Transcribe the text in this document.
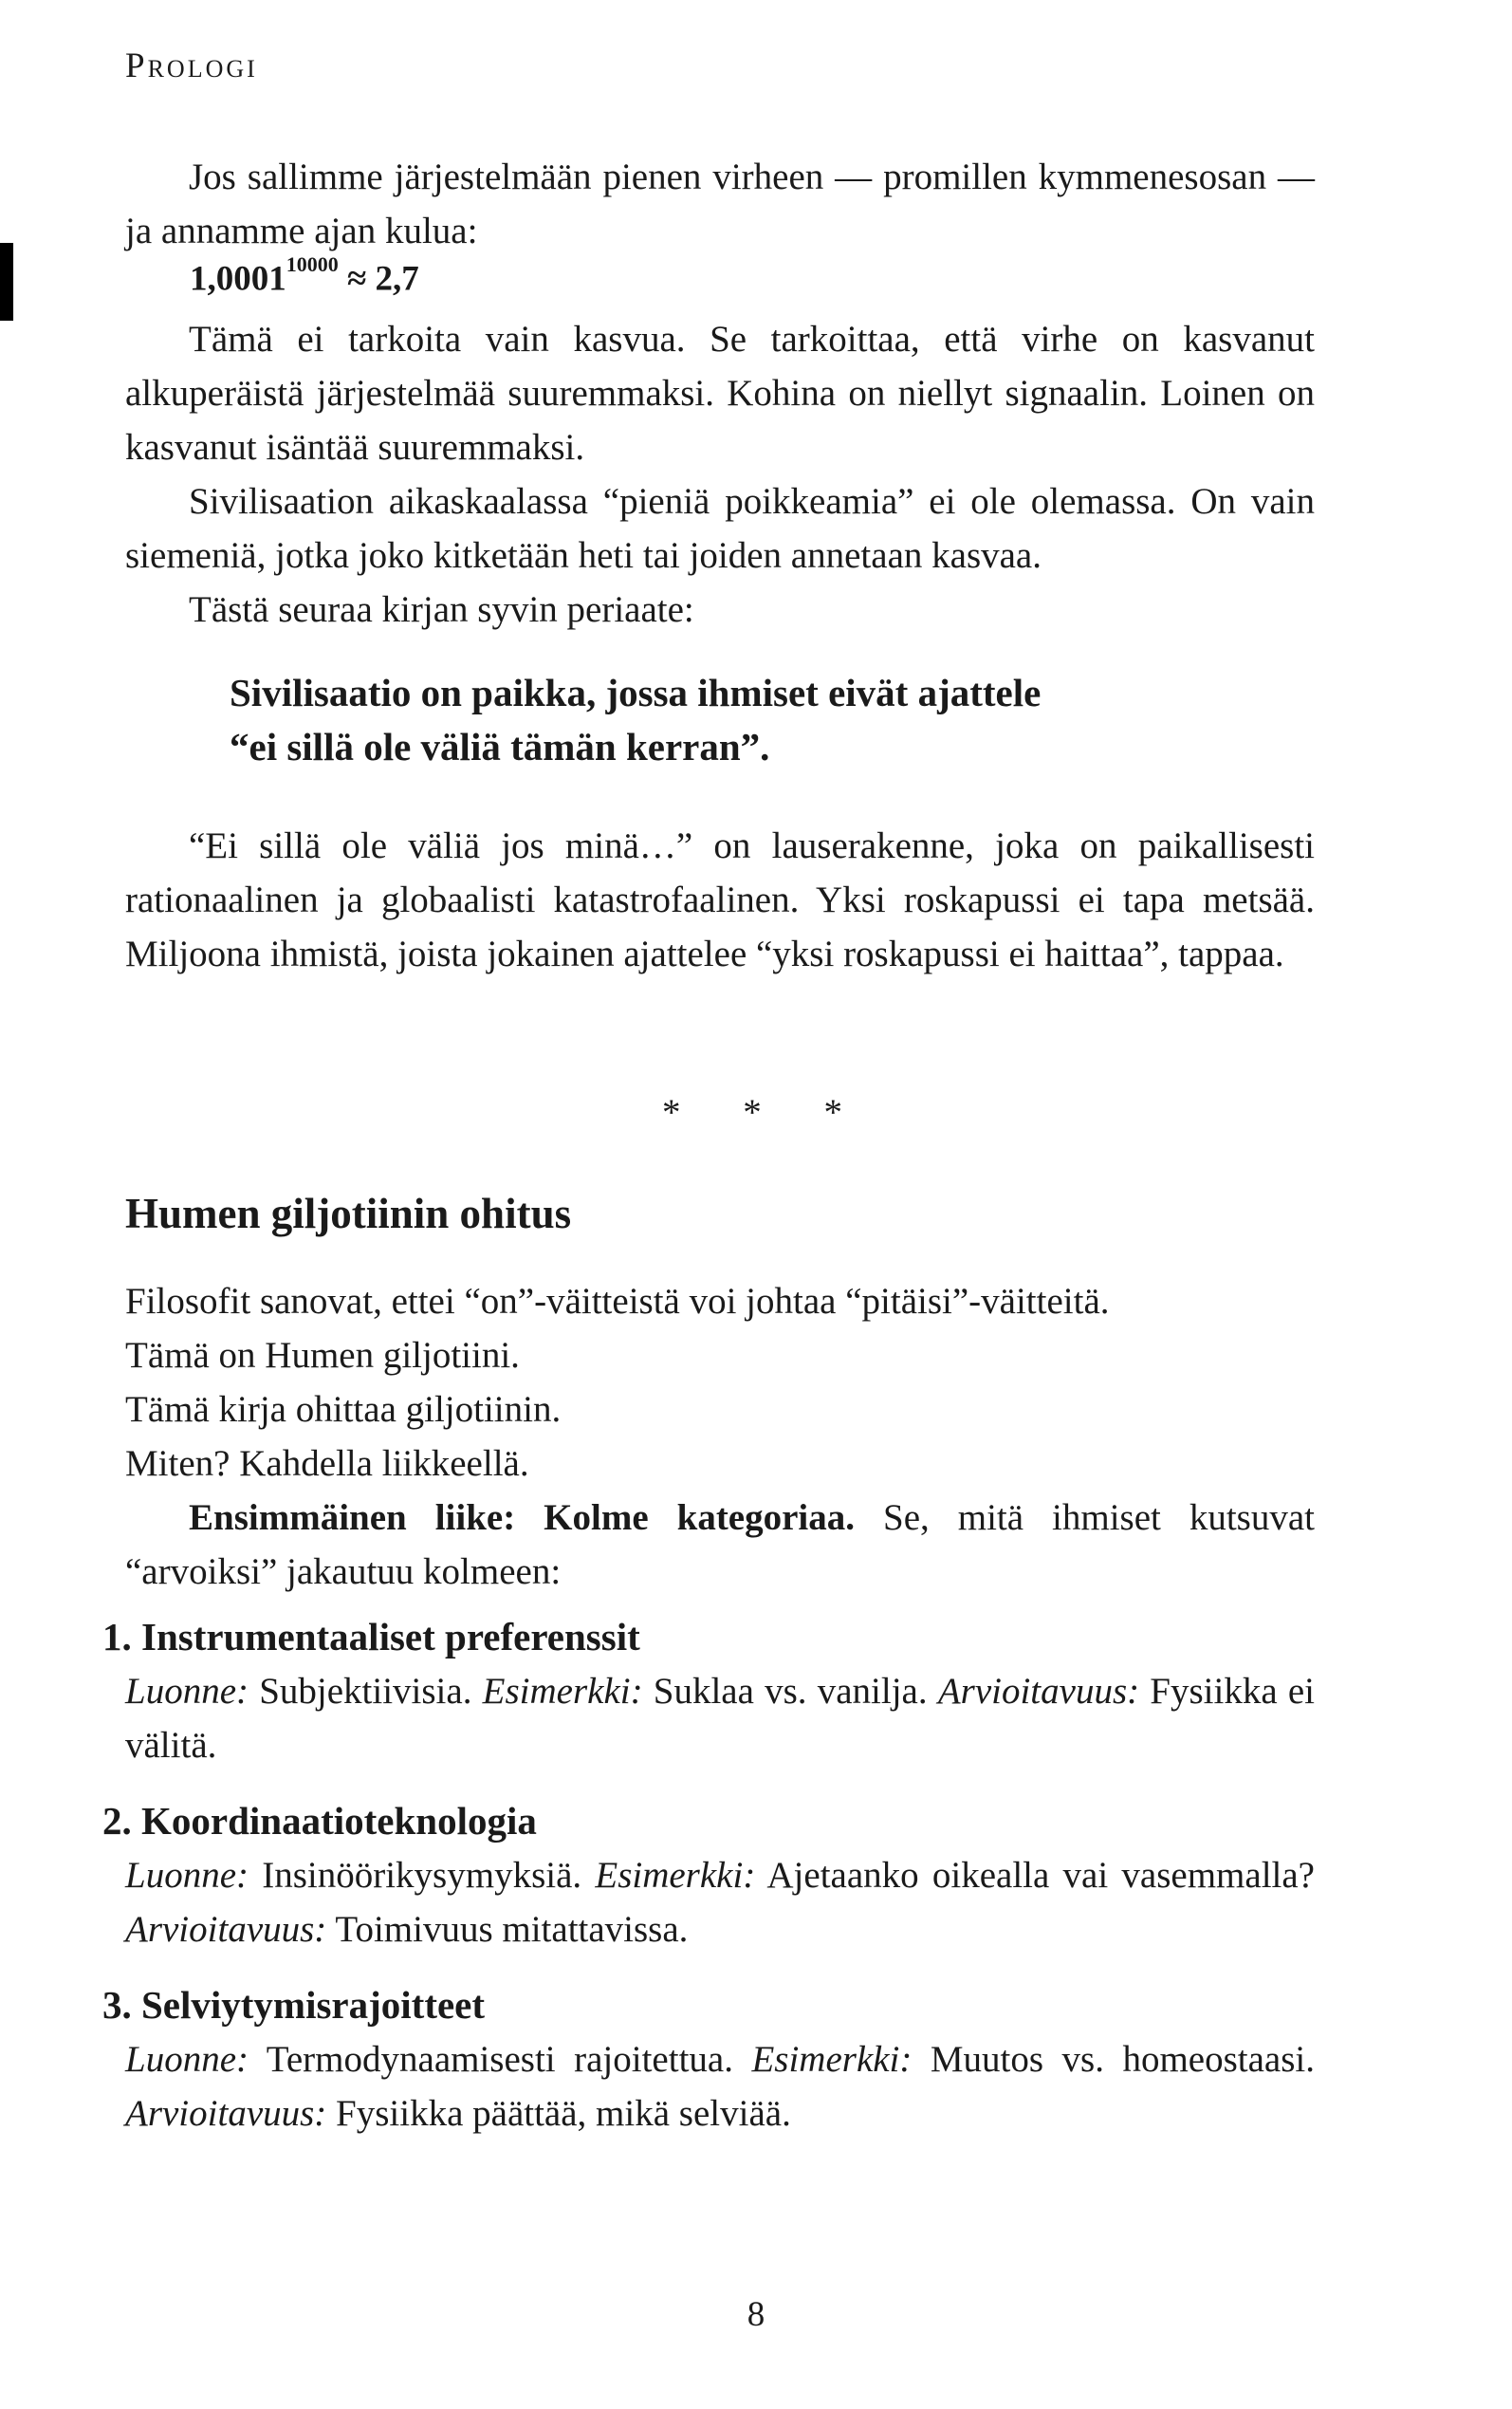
Prologi

Jos sallimme järjestelmään pienen virheen — promillen kymmenesosan — ja annamme ajan kulua:

$1,0001^{10000} \approx 2,7$

Tämä ei tarkoita vain kasvua. Se tarkoittaa, että virhe on kasvanut alkuperäistä järjestelmää suuremmaksi. Kohina on niellyt signaalin. Loinen on kasvanut isäntää suuremmaksi.

Sivilisaation aikaskaalassa “pieniä poikkeamia” ei ole olemassa. On vain siemeniä, jotka joko kitketään heti tai joiden annetaan kasvaa.

Tästä seuraa kirjan syvin periaate:

Sivilisaatio on paikka, jossa ihmiset eivät ajattele
“ei sillä ole väliä tämän kerran”.

“Ei sillä ole väliä jos minä…” on lauserakenne, joka on paikallisesti rationaalinen ja globaalisti katastrofaalinen. Yksi roskapussi ei tapa metsää. Miljoona ihmistä, joista jokainen ajattelee “yksi roskapussi ei haittaa”, tappaa.

* * *
Humen giljotiinin ohitus

Filosofit sanovat, ettei “on”-väitteistä voi johtaa “pitäisi”-väitteitä.

Tämä on Humen giljotiini.

Tämä kirja ohittaa giljotiinin.

Miten? Kahdella liikkeellä.

Ensimmäinen liike: Kolme kategoriaa. Se, mitä ihmiset kutsuvat “arvoiksi” jakautuu kolmeen:

1. Instrumentaaliset preferenssit
Luonne: Subjektiivisia. Esimerkki: Suklaa vs. vanilja. Arvioitavuus: Fysiikka ei välitä.
2. Koordinaatioteknologia
Luonne: Insinöörikysymyksiä. Esimerkki: Ajetaanko oikealla vai vasemmalla? Arvioitavuus: Toimivuus mitattavissa.
3. Selviytymisrajoitteet
Luonne: Termodynaamisesti rajoitettua. Esimerkki: Muutos vs. homeostaasi. Arvioitavuus: Fysiikka päättää, mikä selviää.
8
